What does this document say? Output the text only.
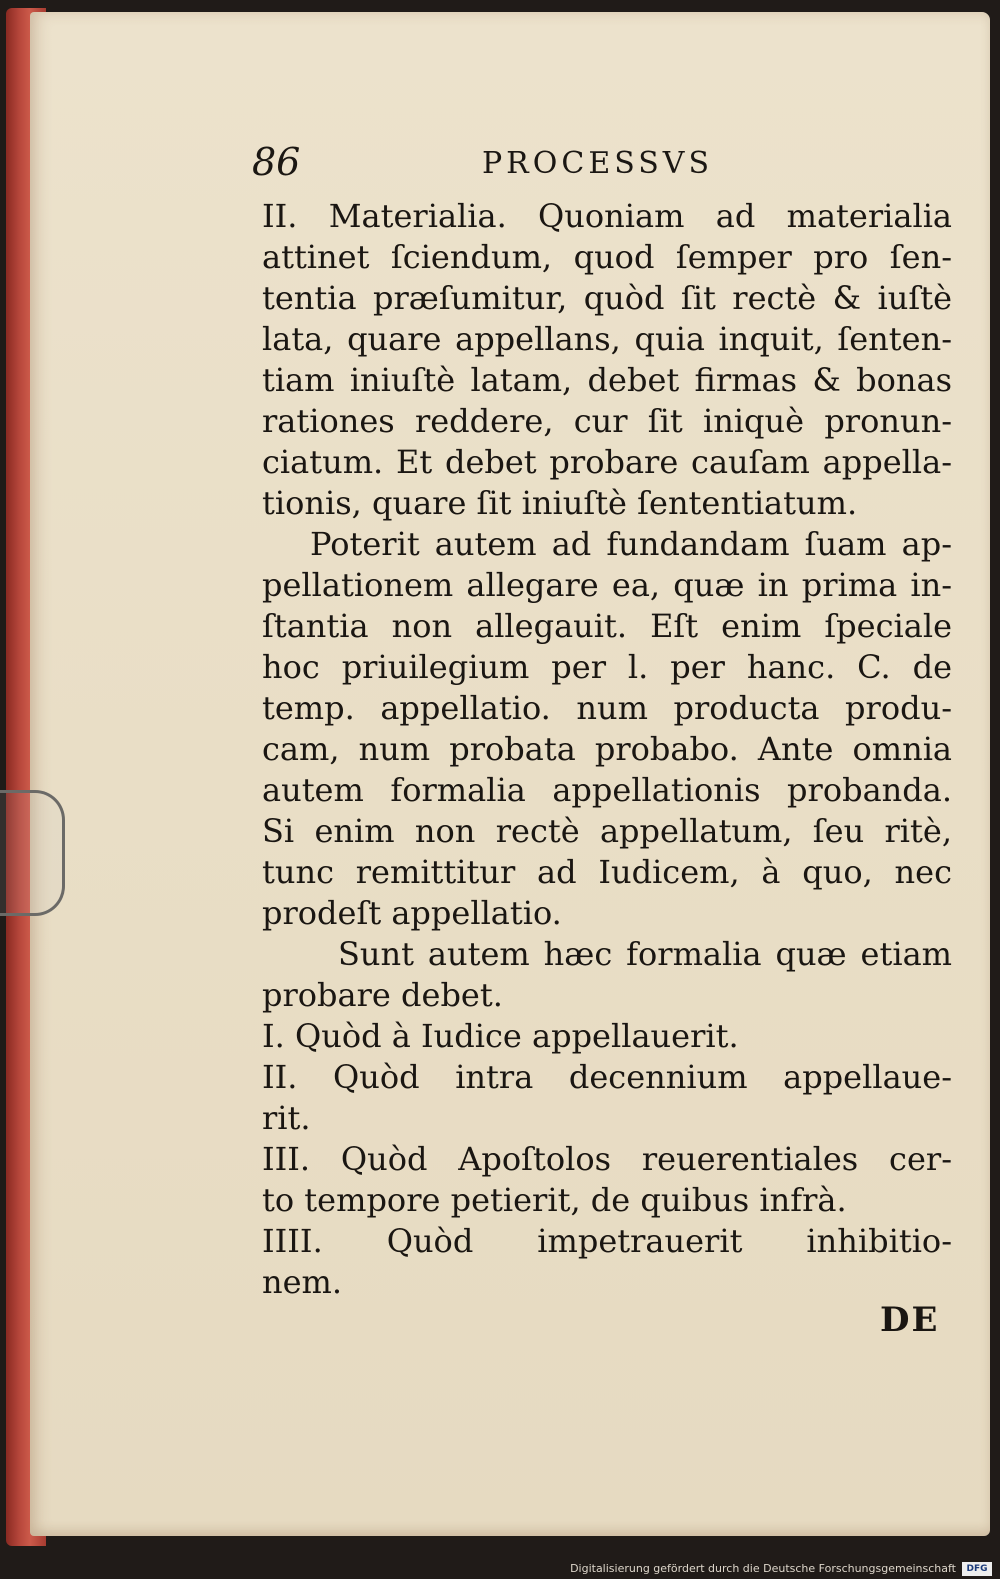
86	PROCESSVS
II. Materialia. Quoniam ad materialia
attinet ſciendum, quod ſemper pro ſen-
tentia præſumitur, quòd ſit rectè & iuſtè
lata, quare appellans, quia inquit, ſenten-
tiam iniuſtè latam, debet firmas & bonas
rationes reddere, cur ſit iniquè pronun-
ciatum. Et debet probare cauſam appella-
tionis, quare ſit iniuſtè ſententiatum.
Poterit autem ad fundandam ſuam ap-
pellationem allegare ea, quæ in prima in-
ſtantia non allegauit. Eſt enim ſpeciale
hoc priuilegium per l. per hanc. C. de
temp. appellatio. num producta produ-
cam, num probata probabo. Ante omnia
autem formalia appellationis probanda.
Si enim non rectè appellatum, ſeu ritè,
tunc remittitur ad Iudicem, à quo, nec
prodeſt appellatio.
Sunt autem hæc formalia quæ etiam
probare debet.
I. Quòd à Iudice appellauerit.
II. Quòd intra decennium appellaue-
rit.
III. Quòd Apoſtolos reuerentiales cer-
to tempore petierit, de quibus infrà.
IIII. Quòd impetrauerit inhibitio-
nem.
DE
Digitalisierung gefördert durch die Deutsche Forschungsgemeinschaft	DFG
